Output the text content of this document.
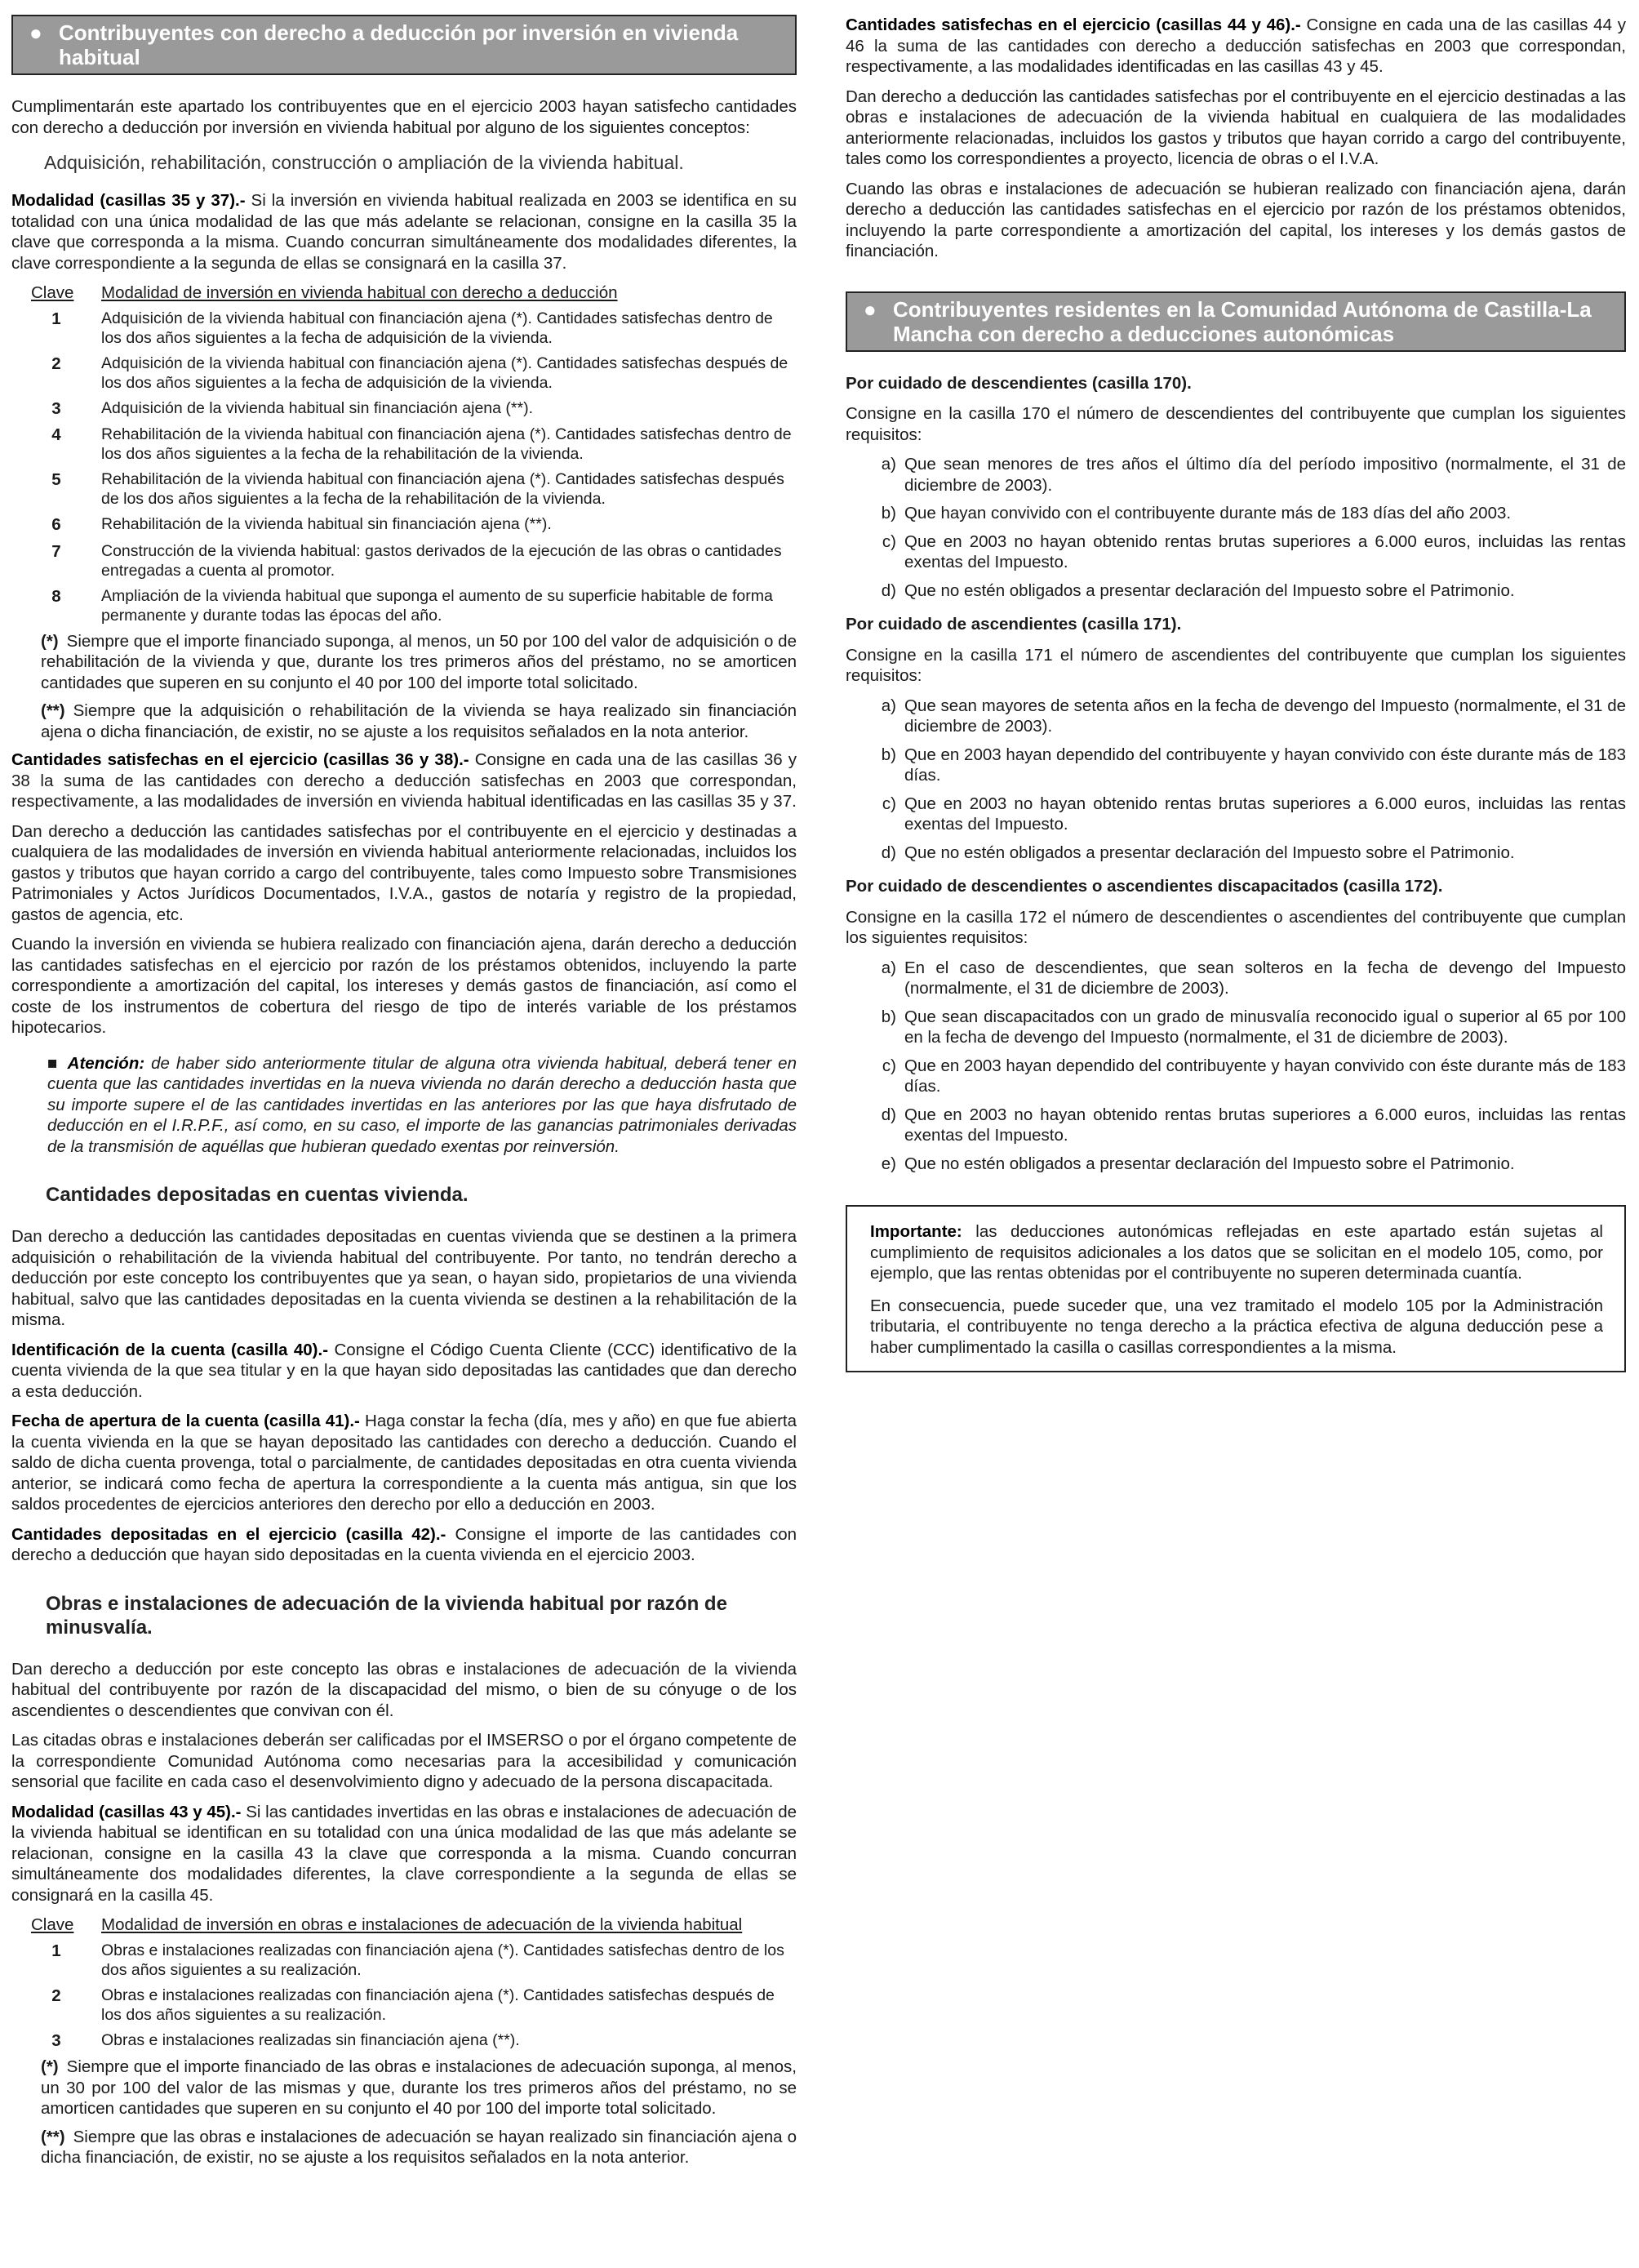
● Contribuyentes con derecho a deducción por inversión en vivienda habitual

Cumplimentarán este apartado los contribuyentes que en el ejercicio 2003 hayan satisfecho cantidades con derecho a deducción por inversión en vivienda habitual por alguno de los siguientes conceptos:

Adquisición, rehabilitación, construcción o ampliación de la vivienda habitual.

Modalidad (casillas 35 y 37).- Si la inversión en vivienda habitual realizada en 2003 se identifica en su totalidad con una única modalidad de las que más adelante se relacionan, consigne en la casilla 35 la clave que corresponda a la misma. Cuando concurran simultáneamente dos modalidades diferentes, la clave correspondiente a la segunda de ellas se consignará en la casilla 37.

Clave	Modalidad de inversión en vivienda habitual con derecho a deducción
1	Adquisición de la vivienda habitual con financiación ajena (*). Cantidades satisfechas dentro de los dos años siguientes a la fecha de adquisición de la vivienda.
2	Adquisición de la vivienda habitual con financiación ajena (*). Cantidades satisfechas después de los dos años siguientes a la fecha de adquisición de la vivienda.
3	Adquisición de la vivienda habitual sin financiación ajena (**).
4	Rehabilitación de la vivienda habitual con financiación ajena (*). Cantidades satisfechas dentro de los dos años siguientes a la fecha de la rehabilitación de la vivienda.
5	Rehabilitación de la vivienda habitual con financiación ajena (*). Cantidades satisfechas después de los dos años siguientes a la fecha de la rehabilitación de la vivienda.
6	Rehabilitación de la vivienda habitual sin financiación ajena (**).
7	Construcción de la vivienda habitual: gastos derivados de la ejecución de las obras o cantidades entregadas a cuenta al promotor.
8	Ampliación de la vivienda habitual que suponga el aumento de su superficie habitable de forma permanente y durante todas las épocas del año.

(*) Siempre que el importe financiado suponga, al menos, un 50 por 100 del valor de adquisición o de rehabilitación de la vivienda y que, durante los tres primeros años del préstamo, no se amorticen cantidades que superen en su conjunto el 40 por 100 del importe total solicitado.

(**) Siempre que la adquisición o rehabilitación de la vivienda se haya realizado sin financiación ajena o dicha financiación, de existir, no se ajuste a los requisitos señalados en la nota anterior.

Cantidades satisfechas en el ejercicio (casillas 36 y 38).- Consigne en cada una de las casillas 36 y 38 la suma de las cantidades con derecho a deducción satisfechas en 2003 que correspondan, respectivamente, a las modalidades de inversión en vivienda habitual identificadas en las casillas 35 y 37.

Dan derecho a deducción las cantidades satisfechas por el contribuyente en el ejercicio y destinadas a cualquiera de las modalidades de inversión en vivienda habitual anteriormente relacionadas, incluidos los gastos y tributos que hayan corrido a cargo del contribuyente, tales como Impuesto sobre Transmisiones Patrimoniales y Actos Jurídicos Documentados, I.V.A., gastos de notaría y registro de la propiedad, gastos de agencia, etc.

Cuando la inversión en vivienda se hubiera realizado con financiación ajena, darán derecho a deducción las cantidades satisfechas en el ejercicio por razón de los préstamos obtenidos, incluyendo la parte correspondiente a amortización del capital, los intereses y demás gastos de financiación, así como el coste de los instrumentos de cobertura del riesgo de tipo de interés variable de los préstamos hipotecarios.

■ Atención: de haber sido anteriormente titular de alguna otra vivienda habitual, deberá tener en cuenta que las cantidades invertidas en la nueva vivienda no darán derecho a deducción hasta que su importe supere el de las cantidades invertidas en las anteriores por las que haya disfrutado de deducción en el I.R.P.F., así como, en su caso, el importe de las ganancias patrimoniales derivadas de la transmisión de aquéllas que hubieran quedado exentas por reinversión.
Cantidades depositadas en cuentas vivienda.

Dan derecho a deducción las cantidades depositadas en cuentas vivienda que se destinen a la primera adquisición o rehabilitación de la vivienda habitual del contribuyente. Por tanto, no tendrán derecho a deducción por este concepto los contribuyentes que ya sean, o hayan sido, propietarios de una vivienda habitual, salvo que las cantidades depositadas en la cuenta vivienda se destinen a la rehabilitación de la misma.

Identificación de la cuenta (casilla 40).- Consigne el Código Cuenta Cliente (CCC) identificativo de la cuenta vivienda de la que sea titular y en la que hayan sido depositadas las cantidades que dan derecho a esta deducción.

Fecha de apertura de la cuenta (casilla 41).- Haga constar la fecha (día, mes y año) en que fue abierta la cuenta vivienda en la que se hayan depositado las cantidades con derecho a deducción. Cuando el saldo de dicha cuenta provenga, total o parcialmente, de cantidades depositadas en otra cuenta vivienda anterior, se indicará como fecha de apertura la correspondiente a la cuenta más antigua, sin que los saldos procedentes de ejercicios anteriores den derecho por ello a deducción en 2003.

Cantidades depositadas en el ejercicio (casilla 42).- Consigne el importe de las cantidades con derecho a deducción que hayan sido depositadas en la cuenta vivienda en el ejercicio 2003.

Obras e instalaciones de adecuación de la vivienda habitual por razón de minusvalía.

Dan derecho a deducción por este concepto las obras e instalaciones de adecuación de la vivienda habitual del contribuyente por razón de la discapacidad del mismo, o bien de su cónyuge o de los ascendientes o descendientes que convivan con él.

Las citadas obras e instalaciones deberán ser calificadas por el IMSERSO o por el órgano competente de la correspondiente Comunidad Autónoma como necesarias para la accesibilidad y comunicación sensorial que facilite en cada caso el desenvolvimiento digno y adecuado de la persona discapacitada.

Modalidad (casillas 43 y 45).- Si las cantidades invertidas en las obras e instalaciones de adecuación de la vivienda habitual se identifican en su totalidad con una única modalidad de las que más adelante se relacionan, consigne en la casilla 43 la clave que corresponda a la misma. Cuando concurran simultáneamente dos modalidades diferentes, la clave correspondiente a la segunda de ellas se consignará en la casilla 45.

Clave	Modalidad de inversión en obras e instalaciones de adecuación de la vivienda habitual
1	Obras e instalaciones realizadas con financiación ajena (*). Cantidades satisfechas dentro de los dos años siguientes a su realización.
2	Obras e instalaciones realizadas con financiación ajena (*). Cantidades satisfechas después de los dos años siguientes a su realización.
3	Obras e instalaciones realizadas sin financiación ajena (**).

(*) Siempre que el importe financiado de las obras e instalaciones de adecuación suponga, al menos, un 30 por 100 del valor de las mismas y que, durante los tres primeros años del préstamo, no se amorticen cantidades que superen en su conjunto el 40 por 100 del importe total solicitado.

(**) Siempre que las obras e instalaciones de adecuación se hayan realizado sin financiación ajena o dicha financiación, de existir, no se ajuste a los requisitos señalados en la nota anterior.

Cantidades satisfechas en el ejercicio (casillas 44 y 46).- Consigne en cada una de las casillas 44 y 46 la suma de las cantidades con derecho a deducción satisfechas en 2003 que correspondan, respectivamente, a las modalidades identificadas en las casillas 43 y 45.

Dan derecho a deducción las cantidades satisfechas por el contribuyente en el ejercicio destinadas a las obras e instalaciones de adecuación de la vivienda habitual en cualquiera de las modalidades anteriormente relacionadas, incluidos los gastos y tributos que hayan corrido a cargo del contribuyente, tales como los correspondientes a proyecto, licencia de obras o el I.V.A.

Cuando las obras e instalaciones de adecuación se hubieran realizado con financiación ajena, darán derecho a deducción las cantidades satisfechas en el ejercicio por razón de los préstamos obtenidos, incluyendo la parte correspondiente a amortización del capital, los intereses y los demás gastos de financiación.

● Contribuyentes residentes en la Comunidad Autónoma de Castilla-La Mancha con derecho a deducciones autonómicas
Por cuidado de descendientes (casilla 170).

Consigne en la casilla 170 el número de descendientes del contribuyente que cumplan los siguientes requisitos:

a) Que sean menores de tres años el último día del período impositivo (normalmente, el 31 de diciembre de 2003).
b) Que hayan convivido con el contribuyente durante más de 183 días del año 2003.
c) Que en 2003 no hayan obtenido rentas brutas superiores a 6.000 euros, incluidas las rentas exentas del Impuesto.
d) Que no estén obligados a presentar declaración del Impuesto sobre el Patrimonio.
Por cuidado de ascendientes (casilla 171).

Consigne en la casilla 171 el número de ascendientes del contribuyente que cumplan los siguientes requisitos:

a) Que sean mayores de setenta años en la fecha de devengo del Impuesto (normalmente, el 31 de diciembre de 2003).
b) Que en 2003 hayan dependido del contribuyente y hayan convivido con éste durante más de 183 días.
c) Que en 2003 no hayan obtenido rentas brutas superiores a 6.000 euros, incluidas las rentas exentas del Impuesto.
d) Que no estén obligados a presentar declaración del Impuesto sobre el Patrimonio.
Por cuidado de descendientes o ascendientes discapacitados (casilla 172).

Consigne en la casilla 172 el número de descendientes o ascendientes del contribuyente que cumplan los siguientes requisitos:

a) En el caso de descendientes, que sean solteros en la fecha de devengo del Impuesto (normalmente, el 31 de diciembre de 2003).
b) Que sean discapacitados con un grado de minusvalía reconocido igual o superior al 65 por 100 en la fecha de devengo del Impuesto (normalmente, el 31 de diciembre de 2003).
c) Que en 2003 hayan dependido del contribuyente y hayan convivido con éste durante más de 183 días.
d) Que en 2003 no hayan obtenido rentas brutas superiores a 6.000 euros, incluidas las rentas exentas del Impuesto.
e) Que no estén obligados a presentar declaración del Impuesto sobre el Patrimonio.

Importante: las deducciones autonómicas reflejadas en este apartado están sujetas al cumplimiento de requisitos adicionales a los datos que se solicitan en el modelo 105, como, por ejemplo, que las rentas obtenidas por el contribuyente no superen determinada cuantía.

En consecuencia, puede suceder que, una vez tramitado el modelo 105 por la Administración tributaria, el contribuyente no tenga derecho a la práctica efectiva de alguna deducción pese a haber cumplimentado la casilla o casillas correspondientes a la misma.
